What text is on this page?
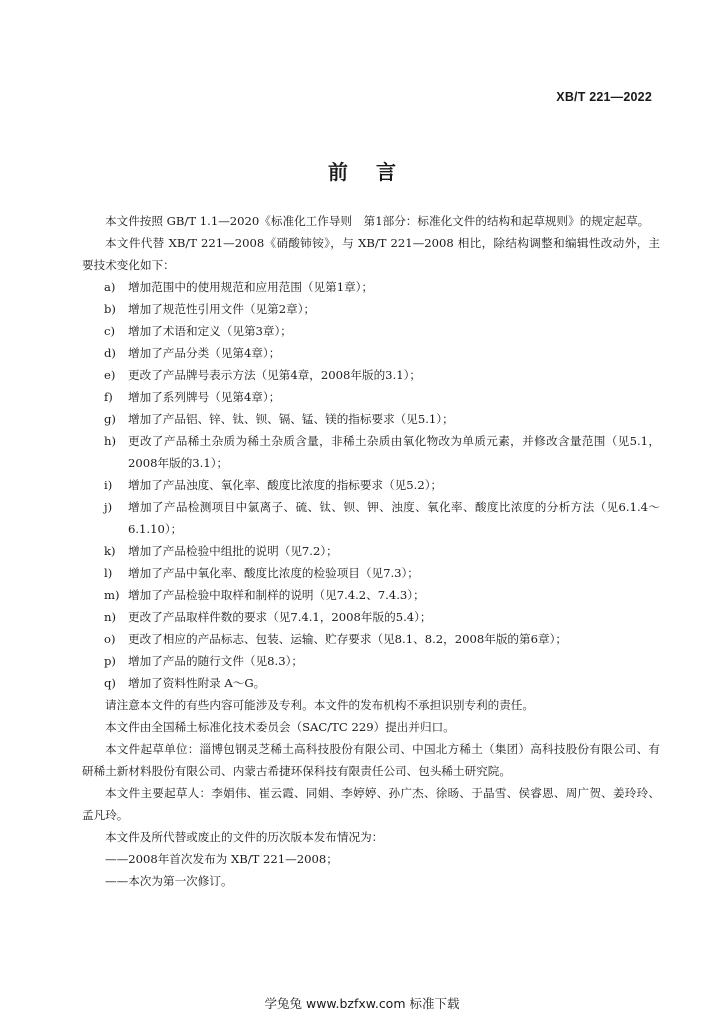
XB/T 221—2022
前言

本文件按照 GB/T 1.1—2020《标准化工作导则　第1部分：标准化文件的结构和起草规则》的规定起草。

本文件代替 XB/T 221—2008《硝酸铈铵》，与 XB/T 221—2008 相比，除结构调整和编辑性改动外，主要技术变化如下：

a)	增加范围中的使用规范和应用范围（见第1章）；
b)	增加了规范性引用文件（见第2章）；
c)	增加了术语和定义（见第3章）；
d)	增加了产品分类（见第4章）；
e)	更改了产品牌号表示方法（见第4章，2008年版的3.1）；
f)	增加了系列牌号（见第4章）；
g)	增加了产品铝、锌、钛、钡、镉、锰、镁的指标要求（见5.1）；
h)	更改了产品稀土杂质为稀土杂质含量，非稀土杂质由氧化物改为单质元素，并修改含量范围（见5.1，2008年版的3.1）；
i)	增加了产品浊度、氧化率、酸度比浓度的指标要求（见5.2）；
j)	增加了产品检测项目中氯离子、硫、钛、钡、钾、浊度、氧化率、酸度比浓度的分析方法（见6.1.4～6.1.10）；
k)	增加了产品检验中组批的说明（见7.2）；
l)	增加了产品中氧化率、酸度比浓度的检验项目（见7.3）；
m) 增加了产品检验中取样和制样的说明（见7.4.2、7.4.3）；
n)	更改了产品取样件数的要求（见7.4.1，2008年版的5.4）；
o)	更改了相应的产品标志、包装、运输、贮存要求（见8.1、8.2，2008年版的第6章）；
p)	增加了产品的随行文件（见8.3）；
q)	增加了资料性附录 A～G。

请注意本文件的有些内容可能涉及专利。本文件的发布机构不承担识别专利的责任。

本文件由全国稀土标准化技术委员会（SAC/TC 229）提出并归口。

本文件起草单位：淄博包钢灵芝稀土高科技股份有限公司、中国北方稀土（集团）高科技股份有限公司、有研稀土新材料股份有限公司、内蒙古希捷环保科技有限责任公司、包头稀土研究院。

本文件主要起草人：李娟伟、崔云霞、同娟、李婷婷、孙广杰、徐旸、于晶雪、侯睿恩、周广贺、姜玲玲、孟凡玲。

本文件及所代替或废止的文件的历次版本发布情况为：

——2008年首次发布为 XB/T 221—2008；

——本次为第一次修订。

学兔兔 www.bzfxw.com 标准下载
